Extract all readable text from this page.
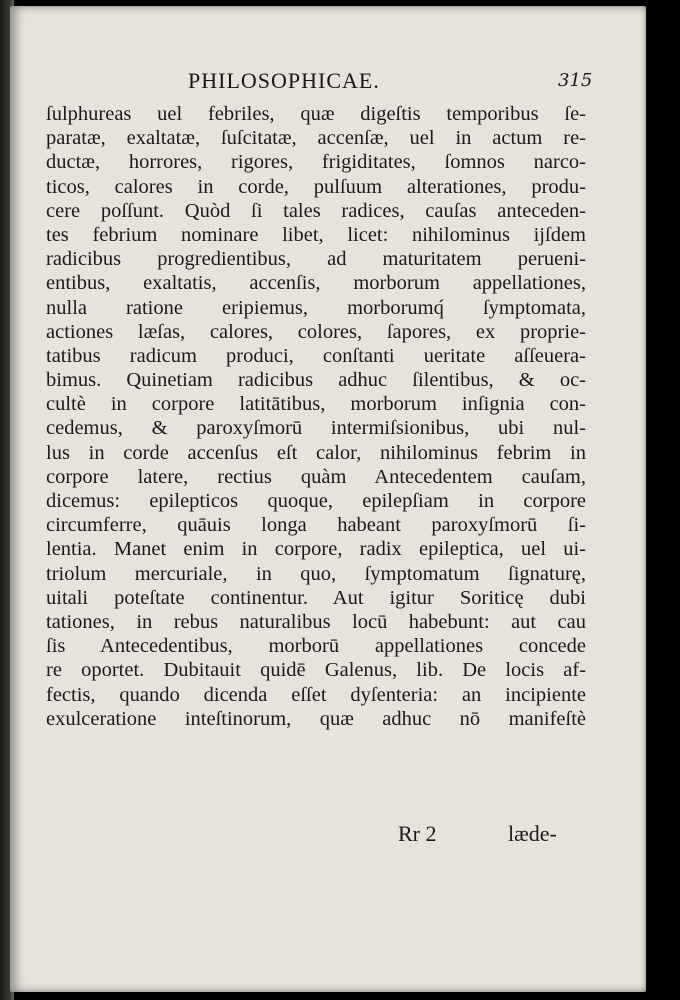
PHILOSOPHICAE.	315
ſulphureas uel febriles, quæ digeſtis temporibus ſe-
paratæ, exaltatæ, ſuſcitatæ, accenſæ, uel in actum re-
ductæ, horrores, rigores, frigiditates, ſomnos narco-
ticos, calores in corde, pulſuum alterationes, produ-
cere poſſunt. Quòd ſi tales radices, cauſas anteceden-
tes febrium nominare libet, licet: nihilominus ijſdem
radicibus progredientibus, ad maturitatem perueni-
entibus, exaltatis, accenſis, morborum appellationes,
nulla ratione eripiemus, morborumq́ ſymptomata,
actiones læſas, calores, colores, ſapores, ex proprie-
tatibus radicum produci, conſtanti ueritate aſſeuera-
bimus. Quinetiam radicibus adhuc ſilentibus, & oc-
cultè in corpore latitātibus, morborum inſignia con-
cedemus, & paroxyſmorū intermiſsionibus, ubi nul-
lus in corde accenſus eſt calor, nihilominus febrim in
corpore latere, rectius quàm Antecedentem cauſam,
dicemus: epilepticos quoque, epilepſiam in corpore
circumferre, quāuis longa habeant paroxyſmorū ſi-
lentia. Manet enim in corpore, radix epileptica, uel ui-
triolum mercuriale, in quo, ſymptomatum ſignaturę,
uitali poteſtate continentur. Aut igitur Soriticę dubi
tationes, in rebus naturalibus locū habebunt: aut cau
ſis Antecedentibus, morborū appellationes concede
re oportet. Dubitauit quidē Galenus, lib. De locis af-
fectis, quando dicenda eſſet dyſenteria: an incipiente
exulceratione inteſtinorum, quæ adhuc nō manifeſtè
Rr 2	læde-
